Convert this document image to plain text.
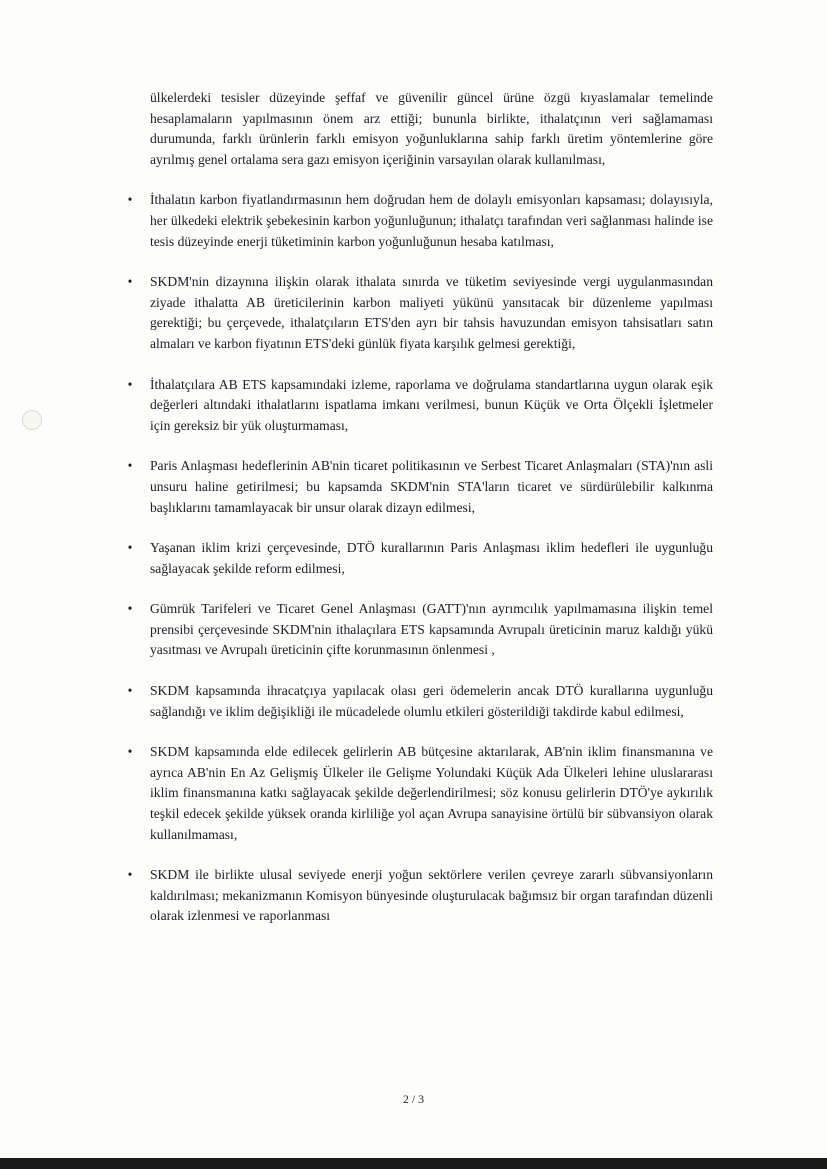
ülkelerdeki tesisler düzeyinde şeffaf ve güvenilir güncel ürüne özgü kıyaslamalar temelinde hesaplamaların yapılmasının önem arz ettiği; bununla birlikte, ithalatçının veri sağlamaması durumunda, farklı ürünlerin farklı emisyon yoğunluklarına sahip farklı üretim yöntemlerine göre ayrılmış genel ortalama sera gazı emisyon içeriğinin varsayılan olarak kullanılması,

• İthalatın karbon fiyatlandırmasının hem doğrudan hem de dolaylı emisyonları kapsaması; dolayısıyla, her ülkedeki elektrik şebekesinin karbon yoğunluğunun; ithalatçı tarafından veri sağlanması halinde ise tesis düzeyinde enerji tüketiminin karbon yoğunluğunun hesaba katılması,

• SKDM'nin dizaynına ilişkin olarak ithalata sınırda ve tüketim seviyesinde vergi uygulanmasından ziyade ithalatta AB üreticilerinin karbon maliyeti yükünü yansıtacak bir düzenleme yapılması gerektiği; bu çerçevede, ithalatçıların ETS'den ayrı bir tahsis havuzundan emisyon tahsisatları satın almaları ve karbon fiyatının ETS'deki günlük fiyata karşılık gelmesi gerektiği,

• İthalatçılara AB ETS kapsamındaki izleme, raporlama ve doğrulama standartlarına uygun olarak eşik değerleri altındaki ithalatlarını ispatlama imkanı verilmesi, bunun Küçük ve Orta Ölçekli İşletmeler için gereksiz bir yük oluşturmaması,

• Paris Anlaşması hedeflerinin AB'nin ticaret politikasının ve Serbest Ticaret Anlaşmaları (STA)'nın asli unsuru haline getirilmesi; bu kapsamda SKDM'nin STA'ların ticaret ve sürdürülebilir kalkınma başlıklarını tamamlayacak bir unsur olarak dizayn edilmesi,

• Yaşanan iklim krizi çerçevesinde, DTÖ kurallarının Paris Anlaşması iklim hedefleri ile uygunluğu sağlayacak şekilde reform edilmesi,

• Gümrük Tarifeleri ve Ticaret Genel Anlaşması (GATT)'nın ayrımcılık yapılmamasına ilişkin temel prensibi çerçevesinde SKDM'nin ithalaçılara ETS kapsamında Avrupalı üreticinin maruz kaldığı yükü yasıtması ve Avrupalı üreticinin çifte korunmasının önlenmesi ,

• SKDM kapsamında ihracatçıya yapılacak olası geri ödemelerin ancak DTÖ kurallarına uygunluğu sağlandığı ve iklim değişikliği ile mücadelede olumlu etkileri gösterildiği takdirde kabul edilmesi,

• SKDM kapsamında elde edilecek gelirlerin AB bütçesine aktarılarak, AB'nin iklim finansmanına ve ayrıca AB'nin En Az Gelişmiş Ülkeler ile Gelişme Yolundaki Küçük Ada Ülkeleri lehine uluslararası iklim finansmanına katkı sağlayacak şekilde değerlendirilmesi; söz konusu gelirlerin DTÖ'ye aykırılık teşkil edecek şekilde yüksek oranda kirliliğe yol açan Avrupa sanayisine örtülü bir sübvansiyon olarak kullanılmaması,

• SKDM ile birlikte ulusal seviyede enerji yoğun sektörlere verilen çevreye zararlı sübvansiyonların kaldırılması; mekanizmanın Komisyon bünyesinde oluşturulacak bağımsız bir organ tarafından düzenli olarak izlenmesi ve raporlanması

2 / 3
